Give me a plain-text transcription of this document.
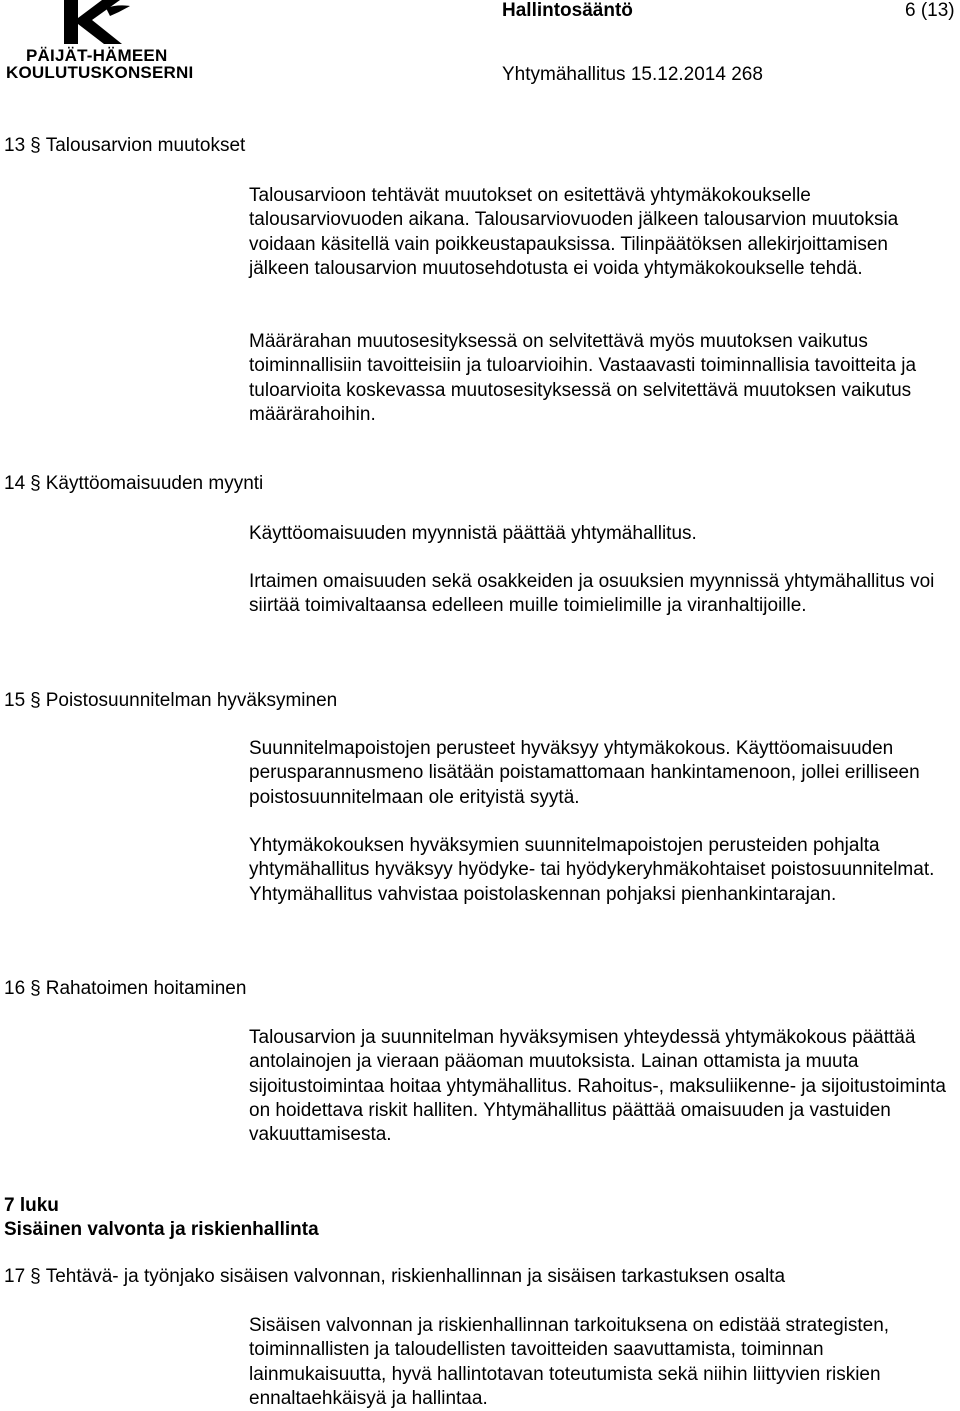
PÄIJÄT-HÄMEEN
KOULUTUSKONSERNI
Hallintosääntö	6 (13)
Yhtymähallitus 15.12.2014 268
13 § Talousarvion muutokset

Talousarvioon tehtävät muutokset on esitettävä yhtymäkokoukselle talousarviovuoden aikana. Talousarviovuoden jälkeen talousarvion muutoksia voidaan käsitellä vain poikkeustapauksissa. Tilinpäätöksen allekirjoittamisen jälkeen talousarvion muutosehdotusta ei voida yhtymäkokoukselle tehdä.

Määrärahan muutosesityksessä on selvitettävä myös muutoksen vaikutus toiminnallisiin tavoitteisiin ja tuloarvioihin. Vastaavasti toiminnallisia tavoitteita ja tuloarvioita koskevassa muutosesityksessä on selvitettävä muutoksen vaikutus määrärahoihin.

14 § Käyttöomaisuuden myynti

Käyttöomaisuuden myynnistä päättää yhtymähallitus.

Irtaimen omaisuuden sekä osakkeiden ja osuuksien myynnissä yhtymähallitus voi siirtää toimivaltaansa edelleen muille toimielimille ja viranhaltijoille.

15 § Poistosuunnitelman hyväksyminen

Suunnitelmapoistojen perusteet hyväksyy yhtymäkokous. Käyttöomaisuuden perusparannusmeno lisätään poistamattomaan hankintamenoon, jollei erilliseen poistosuunnitelmaan ole erityistä syytä.

Yhtymäkokouksen hyväksymien suunnitelmapoistojen perusteiden pohjalta yhtymähallitus hyväksyy hyödyke- tai hyödykeryhmäkohtaiset poistosuunnitelmat. Yhtymähallitus vahvistaa poistolaskennan pohjaksi pienhankintarajan.

16 § Rahatoimen hoitaminen

Talousarvion ja suunnitelman hyväksymisen yhteydessä yhtymäkokous päättää antolainojen ja vieraan pääoman muutoksista. Lainan ottamista ja muuta sijoitustoimintaa hoitaa yhtymähallitus. Rahoitus-, maksuliikenne- ja sijoitustoiminta on hoidettava riskit halliten. Yhtymähallitus päättää omaisuuden ja vastuiden vakuuttamisesta.

7 luku
Sisäinen valvonta ja riskienhallinta
17 § Tehtävä- ja työnjako sisäisen valvonnan, riskienhallinnan ja sisäisen tarkastuksen osalta

Sisäisen valvonnan ja riskienhallinnan tarkoituksena on edistää strategisten, toiminnallisten ja taloudellisten tavoitteiden saavuttamista, toiminnan lainmukaisuutta, hyvä hallintotavan toteutumista sekä niihin liittyvien riskien ennaltaehkäisyä ja hallintaa.
